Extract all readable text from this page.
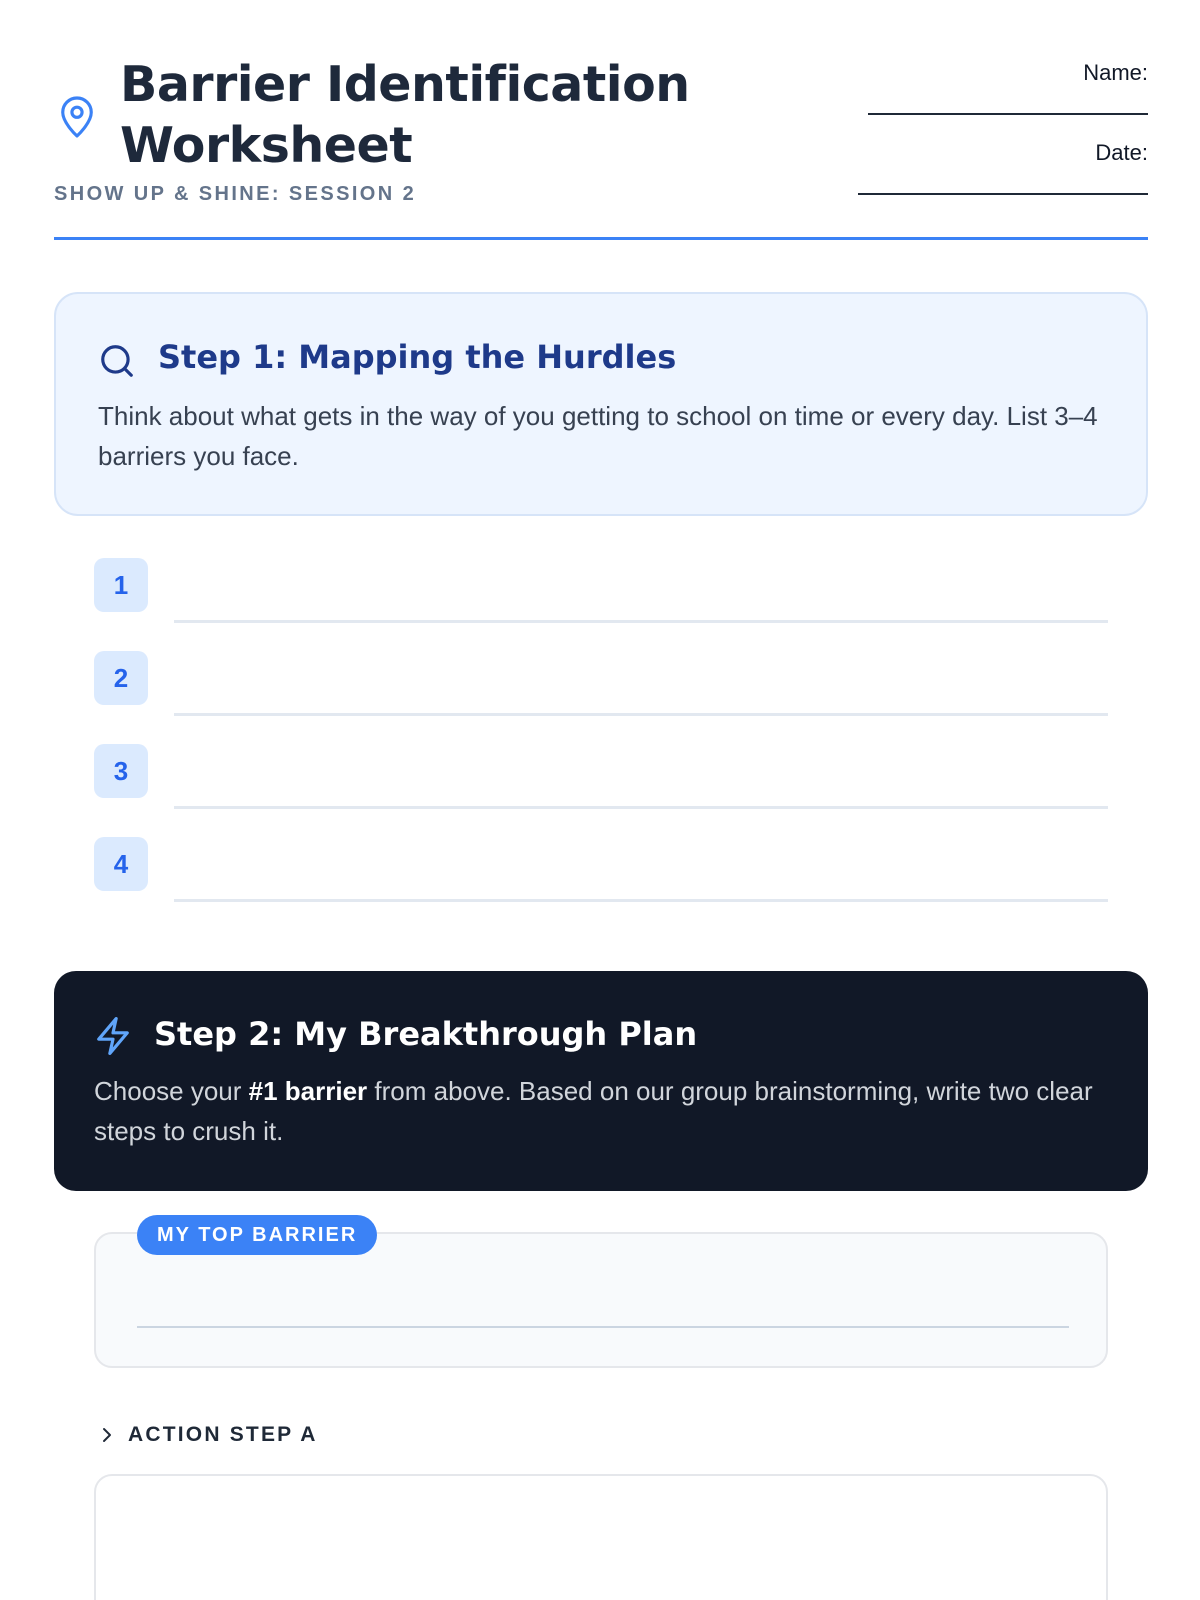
Barrier Identification Worksheet
SHOW UP & SHINE: SESSION 2
Name:
Date:
Step 1: Mapping the Hurdles
Think about what gets in the way of you getting to school on time or every day. List 3–4 barriers you face.
1
2
3
4
Step 2: My Breakthrough Plan
Choose your #1 barrier from above. Based on our group brainstorming, write two clear steps to crush it.
MY TOP BARRIER
ACTION STEP A
